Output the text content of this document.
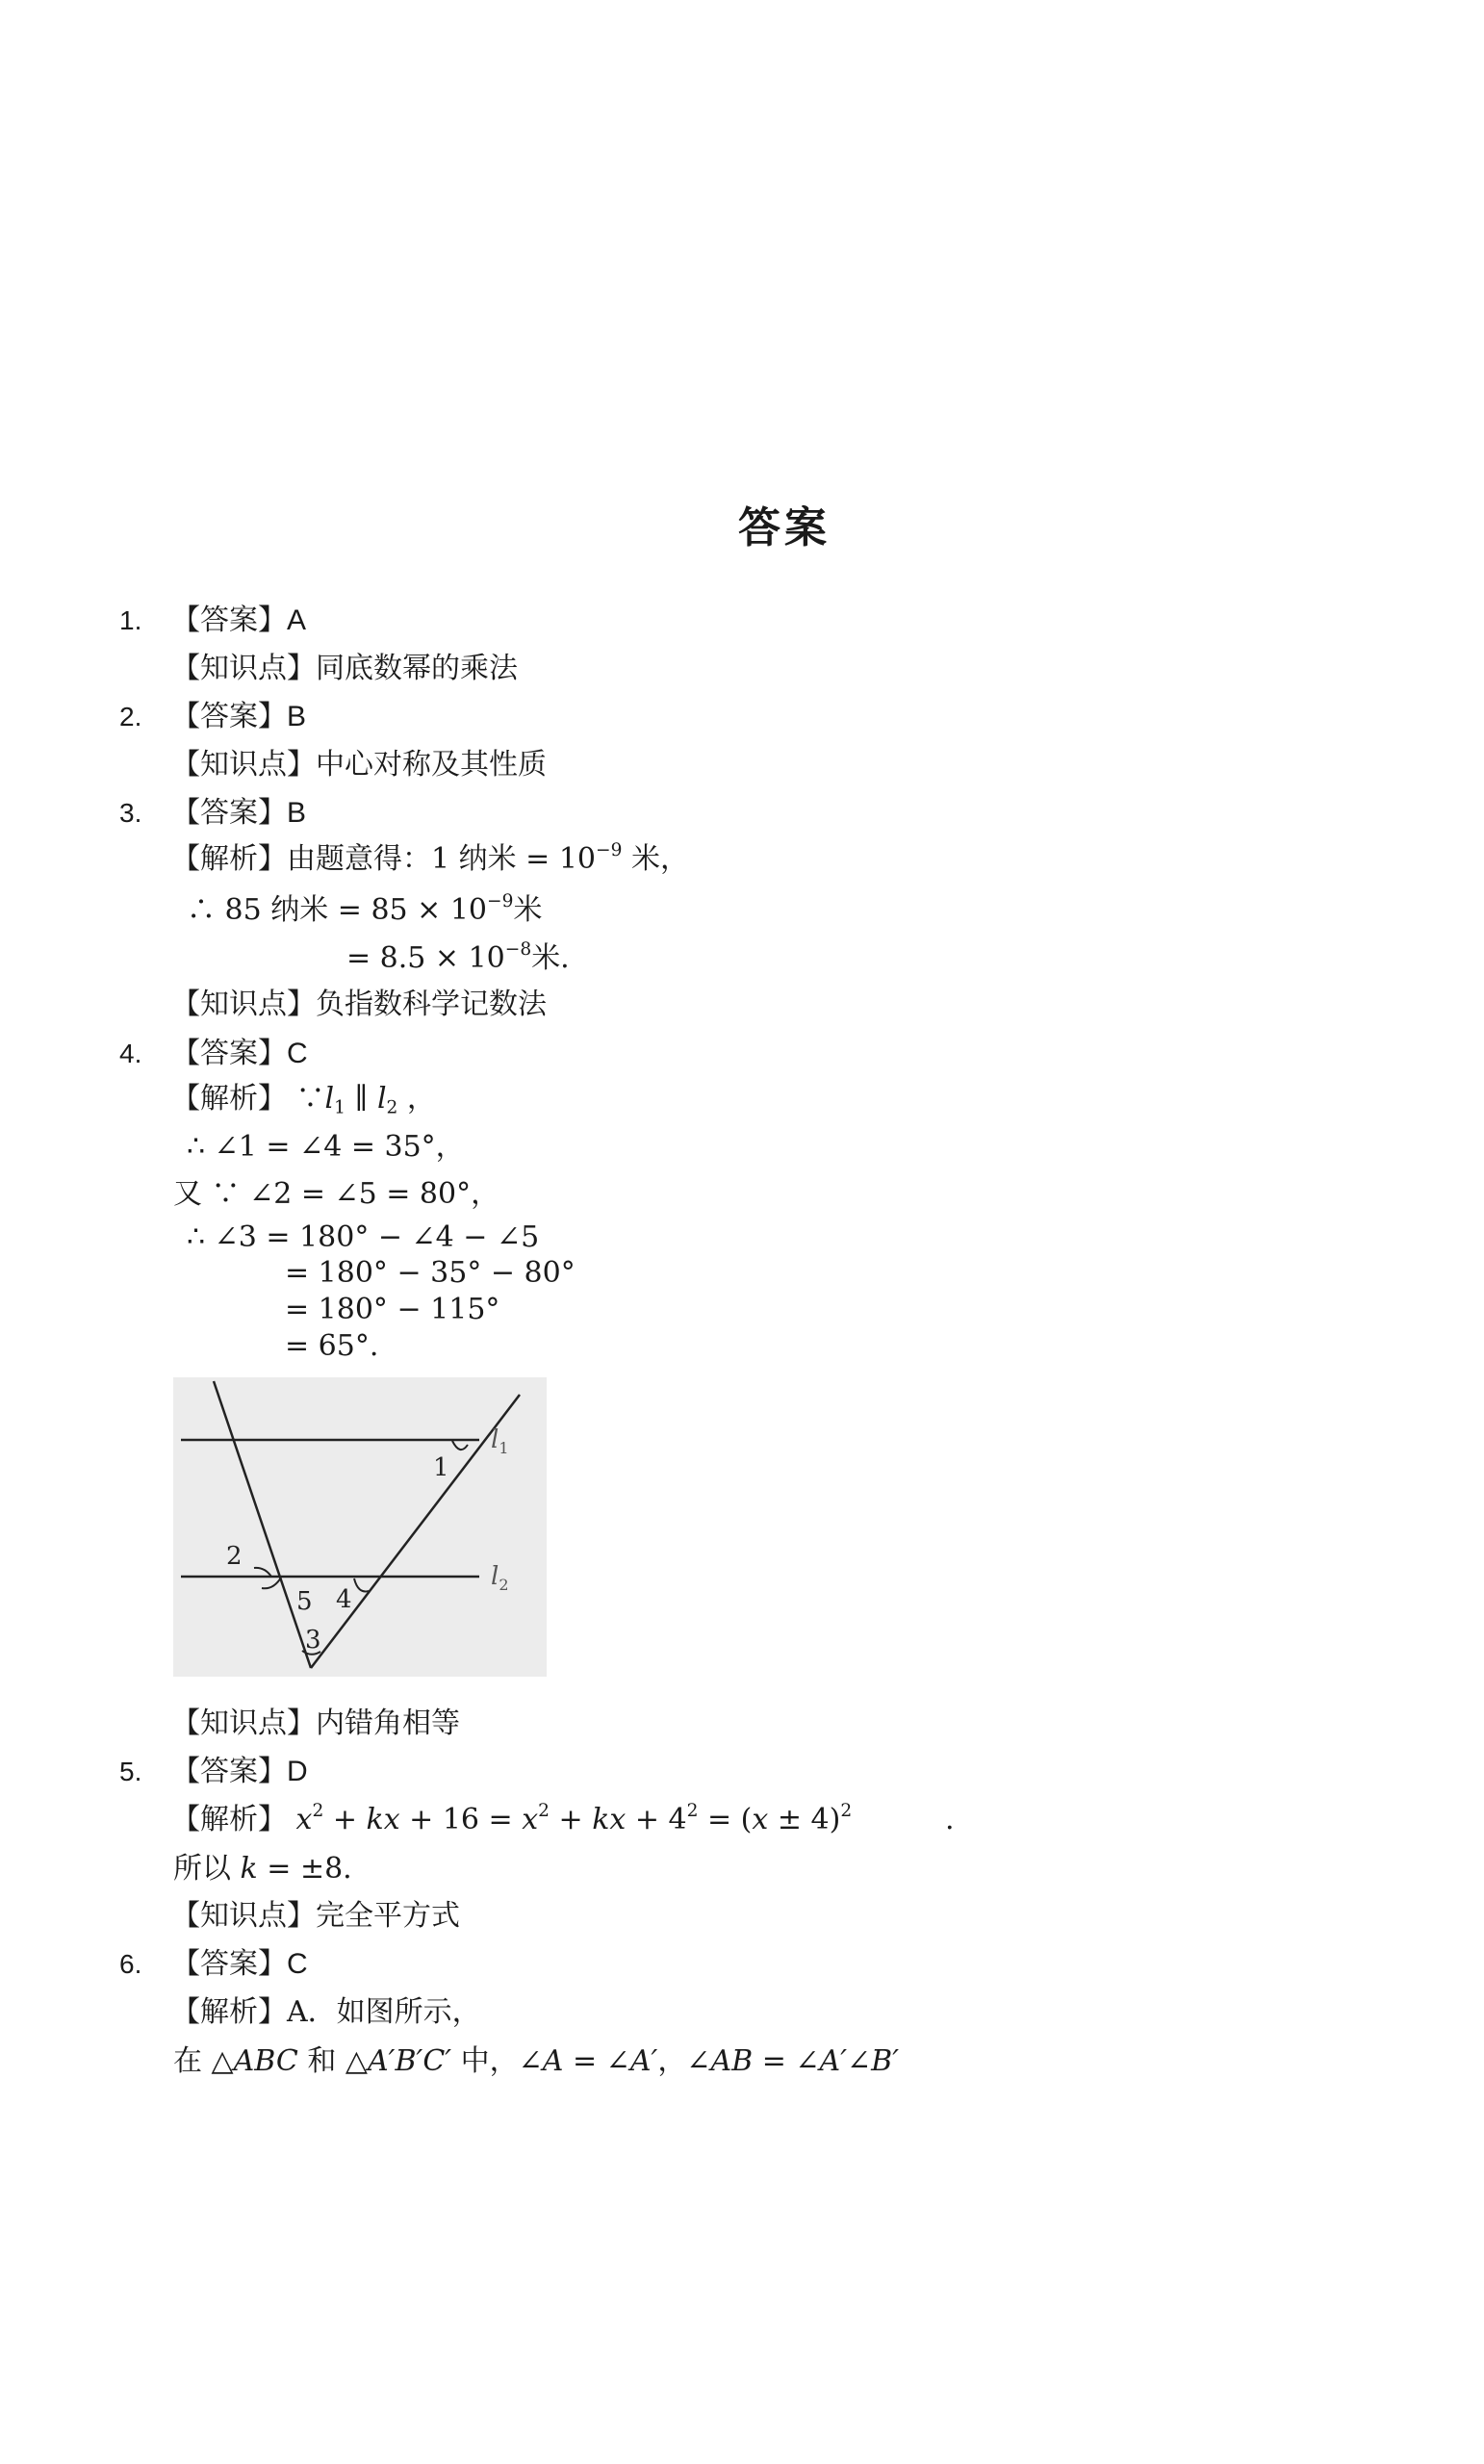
答案
1. 【答案】A
【知识点】同底数幂的乘法
2. 【答案】B
【知识点】中心对称及其性质
3. 【答案】B
【解析】由题意得：1 纳米 = $10^{-9}$ 米，
∴ 85 纳米 = $85 \times 10^{-9}$米
= $8.5 \times 10^{-8}$米.
【知识点】负指数科学记数法
4. 【答案】C
【解析】 $\because l_1$ ∥ $l_2$ ，
∴ ∠1 = ∠4 = 35°，
又 ∵ ∠2 = ∠5 = 80°，
∴ ∠3 = 180° − ∠4 − ∠5
= 180° − 35° − 80°
= 180° − 115°
= 65°.
1
2
3
4
5
$l_1$
$l_2$
【知识点】内错角相等
5. 【答案】D
【解析】 $x^2$ + kx + $16 = x^2$ + kx + $4^2 = (x \pm 4)^2$	.
所以 k = ±8.
【知识点】完全平方式
6. 【答案】C
【解析】A．如图所示，
在 △ABC 和 △A′B′C′ 中，∠A = ∠A′，∠AB = ∠A′∠B′
